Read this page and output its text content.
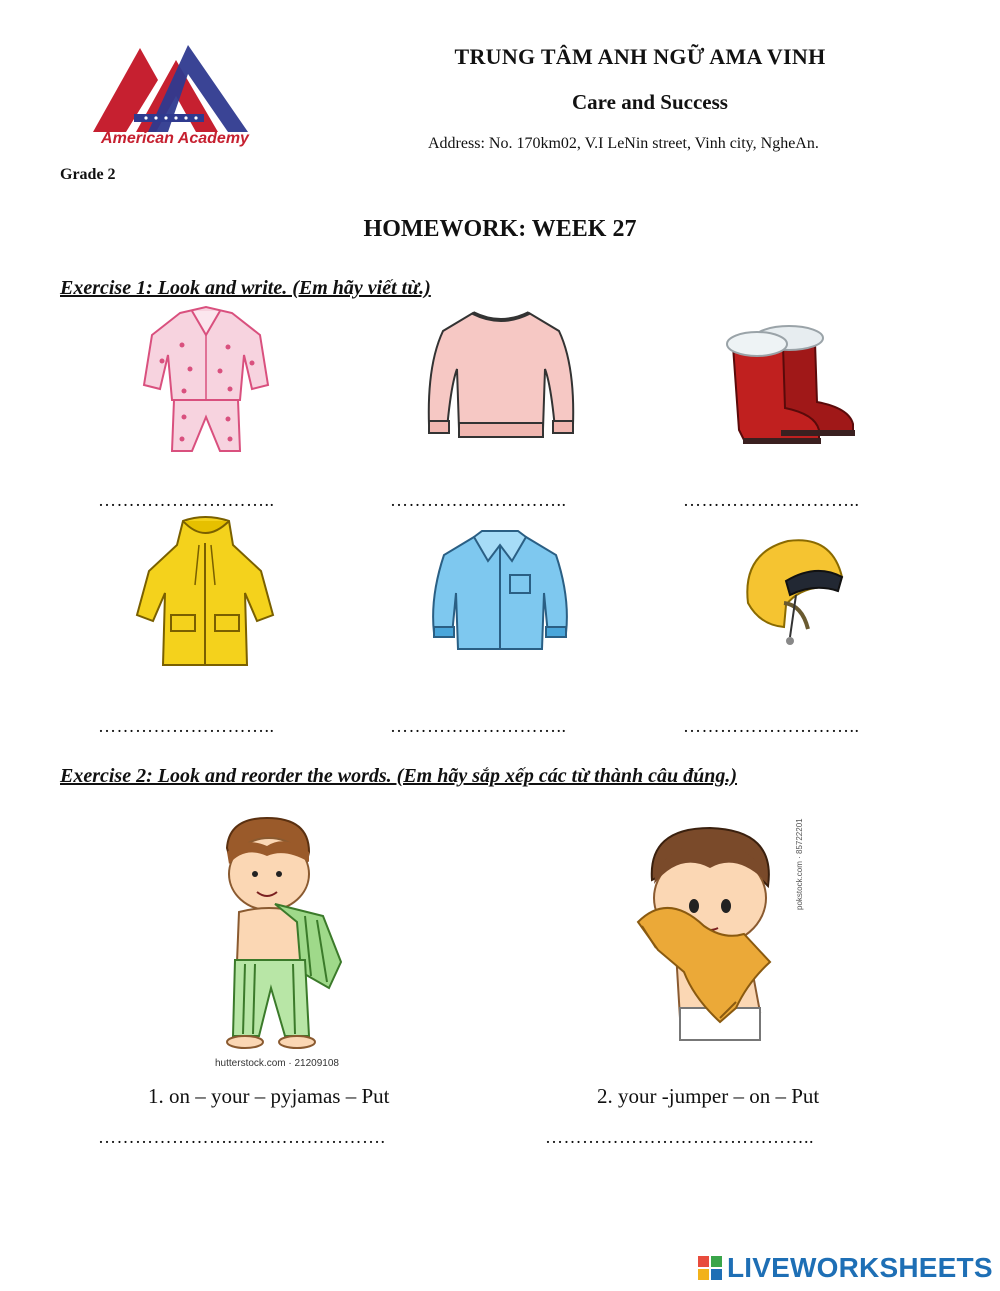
American Academy
Grade 2
TRUNG TÂM ANH NGỮ AMA VINH
Care and Success
Address: No. 170km02, V.I LeNin street, Vinh city, NgheAn.
HOMEWORK: WEEK 27
Exercise 1: Look and write. (Em hãy viết từ.)
………………………..	………………………..	………………………..
………………………..	………………………..	………………………..
Exercise 2: Look and reorder the words. (Em hãy sắp xếp các từ thành câu đúng.)
hutterstock.com · 21209108
pokstock.com · 85722201
1. on – your – pyjamas – Put	2. your -jumper – on – Put
………………….…………………….	……………………………………..
LIVEWORKSHEETS
